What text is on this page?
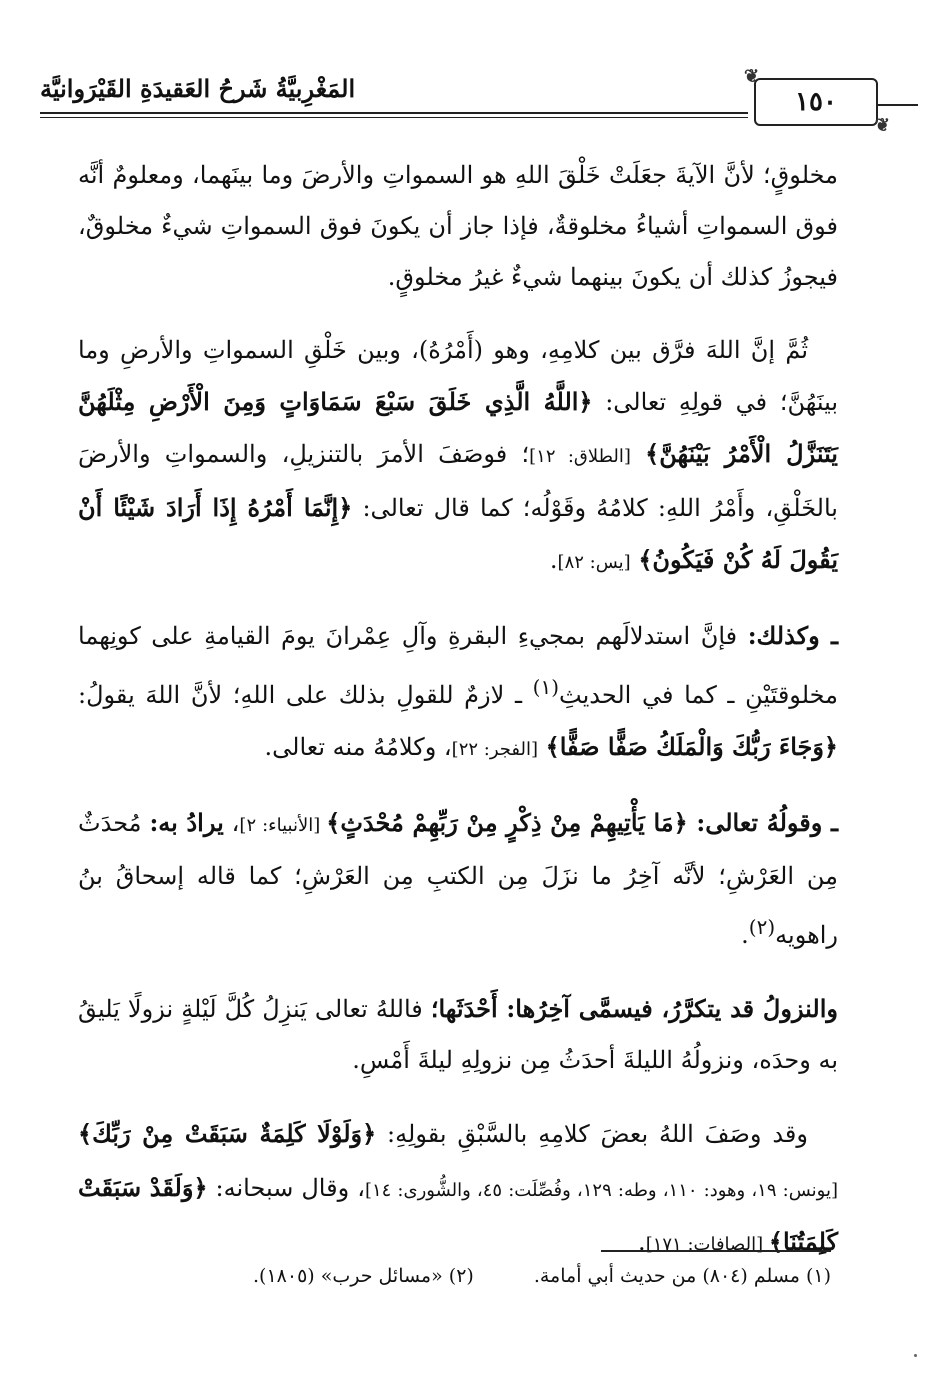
المَغْرِبيَّةُ شَرحُ العَقيدَةِ القَيْرَوانيَّة	❦
١٥٠
❦

مخلوقٍ؛ لأنَّ الآيةَ جعَلَتْ خَلْقَ اللهِ هو السمواتِ والأرضَ وما بينَهما، ومعلومٌ أنَّه فوق السمواتِ أشياءُ مخلوقةٌ، فإذا جاز أن يكونَ فوق السمواتِ شيءٌ مخلوقٌ، فيجوزُ كذلك أن يكونَ بينهما شيءٌ غيرُ مخلوقٍ.

ثُمَّ إنَّ اللهَ فرَّق بين كلامِهِ، وهو (أَمْرُهُ)، وبين خَلْقِ السمواتِ والأرضِ وما بينَهُنَّ؛ في قولِهِ تعالى: ﴿اللَّهُ الَّذِي خَلَقَ سَبْعَ سَمَاوَاتٍ وَمِنَ الْأَرْضِ مِثْلَهُنَّ يَتَنَزَّلُ الْأَمْرُ بَيْنَهُنَّ﴾ [الطلاق: ١٢]؛ فوصَفَ الأمرَ بالتنزيلِ، والسمواتِ والأرضَ بالخَلْقِ، وأَمْرُ اللهِ: كلامُهُ وقَوْلُه؛ كما قال تعالى: ﴿إِنَّمَا أَمْرُهُ إِذَا أَرَادَ شَيْئًا أَنْ يَقُولَ لَهُ كُنْ فَيَكُونُ﴾ [يس: ٨٢].

ـ وكذلك: فإنَّ استدلالَهم بمجيءِ البقرةِ وآلِ عِمْرانَ يومَ القيامةِ على كونِهما مخلوقتَيْنِ ـ كما في الحديثِ$^{(١)}$ ـ لازمٌ للقولِ بذلك على اللهِ؛ لأنَّ اللهَ يقولُ: ﴿وَجَاءَ رَبُّكَ وَالْمَلَكُ صَفًّا صَفًّا﴾ [الفجر: ٢٢]، وكلامُهُ منه تعالى.

ـ وقولُهُ تعالى: ﴿مَا يَأْتِيهِمْ مِنْ ذِكْرٍ مِنْ رَبِّهِمْ مُحْدَثٍ﴾ [الأنبياء: ٢]، يرادُ به: مُحدَثٌ مِن العَرْشِ؛ لأنَّه آخِرُ ما نزَلَ مِن الكتبِ مِن العَرْشِ؛ كما قاله إسحاقُ بنُ راهويه$^{(٢)}$.

والنزولُ قد يتكرَّرُ، فيسمَّى آخِرُها: أَحْدَثَها؛ فاللهُ تعالى يَنزِلُ كُلَّ لَيْلةٍ نزولًا يَليقُ به وحدَه، ونزولُهُ الليلةَ أحدَثُ مِن نزولِهِ ليلةَ أَمْسِ.

وقد وصَفَ اللهُ بعضَ كلامِهِ بالسَّبْقِ بقولِهِ: ﴿وَلَوْلَا كَلِمَةٌ سَبَقَتْ مِنْ رَبِّكَ﴾ [يونس: ١٩، وهود: ١١٠، وطه: ١٢٩، وفُصِّلَت: ٤٥، والشُّورى: ١٤]، وقال سبحانه: ﴿وَلَقَدْ سَبَقَتْ كَلِمَتُنَا﴾ [الصافات: ١٧١].

(١) مسلم (٨٠٤) من حديث أبي أمامة.
(٢) «مسائل حرب» (١٨٠٥).
